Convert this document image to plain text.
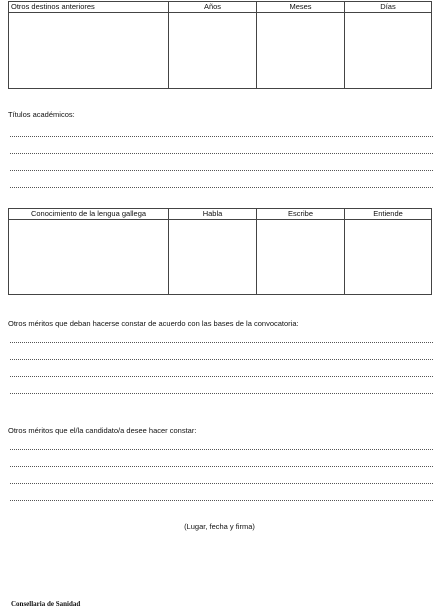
Otros destinos anteriores	Años	Meses	Días

Títulos académicos:
Conocimiento de la lengua gallega	Habla	Escribe	Entiende

Otros méritos que deban hacerse constar de acuerdo con las bases de la convocatoria:
Otros méritos que el/la candidato/a desee hacer constar:
(Lugar, fecha y firma)
Consellaria de Sanidad
